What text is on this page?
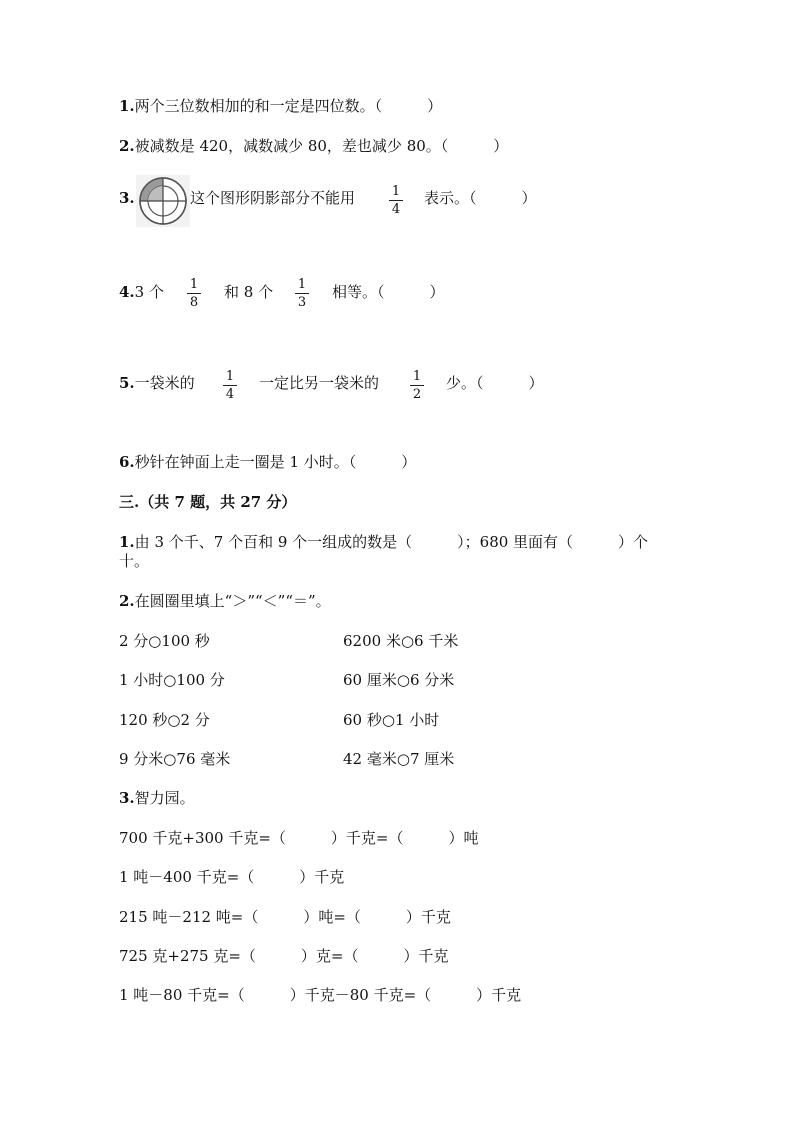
1.两个三位数相加的和一定是四位数。（　　　）
2.被减数是 420，减数减少 80，差也减少 80。（　　　）
3.	这个图形阴影部分不能用	$\frac{1}{4}$ 表示。（　　　）
4.3 个 $\frac{1}{8}$ 和 8 个 $\frac{1}{3}$ 相等。（　　　）
5.一袋米的 $\frac{1}{4}$ 一定比另一袋米的 $\frac{1}{2}$ 少。（　　　）
6.秒针在钟面上走一圈是 1 小时。（　　　）
三.（共 7 题，共 27 分）
1.由 3 个千、7 个百和 9 个一组成的数是（　　　）；680 里面有（　　　）个
十。
2.在圆圈里填上“＞”“＜”“＝”。
2 分○100 秒	6200 米○6 千米
1 小时○100 分	60 厘米○6 分米
120 秒○2 分	60 秒○1 小时
9 分米○76 毫米	42 毫米○7 厘米
3.智力园。
700 千克+300 千克=（　　　）千克=（　　　）吨
1 吨－400 千克=（　　　）千克
215 吨－212 吨=（　　　）吨=（　　　）千克
725 克+275 克=（　　　）克=（　　　）千克
1 吨－80 千克=（　　　）千克－80 千克=（　　　）千克
